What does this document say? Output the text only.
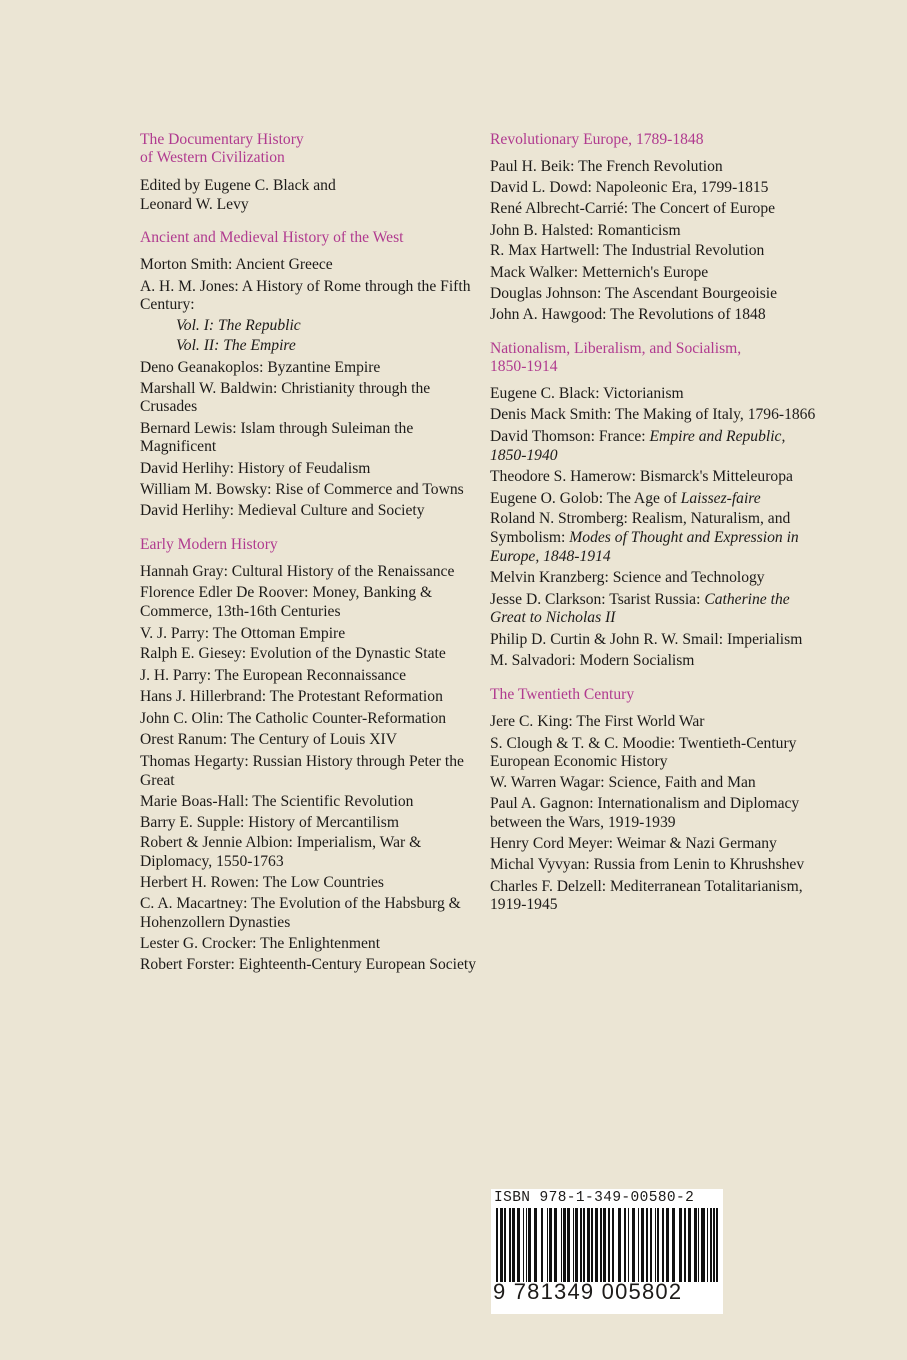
The Documentary History
of Western Civilization
Edited by Eugene C. Black and
Leonard W. Levy
Ancient and Medieval History of the West
Morton Smith: Ancient Greece
A. H. M. Jones: A History of Rome through the Fifth Century:
Vol. I: The Republic
Vol. II: The Empire
Deno Geanakoplos: Byzantine Empire
Marshall W. Baldwin: Christianity through the Crusades
Bernard Lewis: Islam through Suleiman the Magnificent
David Herlihy: History of Feudalism
William M. Bowsky: Rise of Commerce and Towns
David Herlihy: Medieval Culture and Society
Early Modern History
Hannah Gray: Cultural History of the Renaissance
Florence Edler De Roover: Money, Banking & Commerce, 13th-16th Centuries
V. J. Parry: The Ottoman Empire
Ralph E. Giesey: Evolution of the Dynastic State
J. H. Parry: The European Reconnaissance
Hans J. Hillerbrand: The Protestant Reformation
John C. Olin: The Catholic Counter-Reformation
Orest Ranum: The Century of Louis XIV
Thomas Hegarty: Russian History through Peter the Great
Marie Boas-Hall: The Scientific Revolution
Barry E. Supple: History of Mercantilism
Robert & Jennie Albion: Imperialism, War & Diplomacy, 1550-1763
Herbert H. Rowen: The Low Countries
C. A. Macartney: The Evolution of the Habsburg & Hohenzollern Dynasties
Lester G. Crocker: The Enlightenment
Robert Forster: Eighteenth-Century European Society
Revolutionary Europe, 1789-1848
Paul H. Beik: The French Revolution
David L. Dowd: Napoleonic Era, 1799-1815
René Albrecht-Carrié: The Concert of Europe
John B. Halsted: Romanticism
R. Max Hartwell: The Industrial Revolution
Mack Walker: Metternich's Europe
Douglas Johnson: The Ascendant Bourgeoisie
John A. Hawgood: The Revolutions of 1848
Nationalism, Liberalism, and Socialism,
1850-1914
Eugene C. Black: Victorianism
Denis Mack Smith: The Making of Italy, 1796-1866
David Thomson: France: Empire and Republic, 1850-1940
Theodore S. Hamerow: Bismarck's Mitteleuropa
Eugene O. Golob: The Age of Laissez-faire
Roland N. Stromberg: Realism, Naturalism, and Symbolism: Modes of Thought and Expression in Europe, 1848-1914
Melvin Kranzberg: Science and Technology
Jesse D. Clarkson: Tsarist Russia: Catherine the Great to Nicholas II
Philip D. Curtin & John R. W. Smail: Imperialism
M. Salvadori: Modern Socialism
The Twentieth Century
Jere C. King: The First World War
S. Clough & T. & C. Moodie: Twentieth-Century European Economic History
W. Warren Wagar: Science, Faith and Man
Paul A. Gagnon: Internationalism and Diplomacy between the Wars, 1919-1939
Henry Cord Meyer: Weimar & Nazi Germany
Michal Vyvyan: Russia from Lenin to Khrushshev
Charles F. Delzell: Mediterranean Totalitarianism, 1919-1945
ISBN 978-1-349-00580-2
9 781349 005802
